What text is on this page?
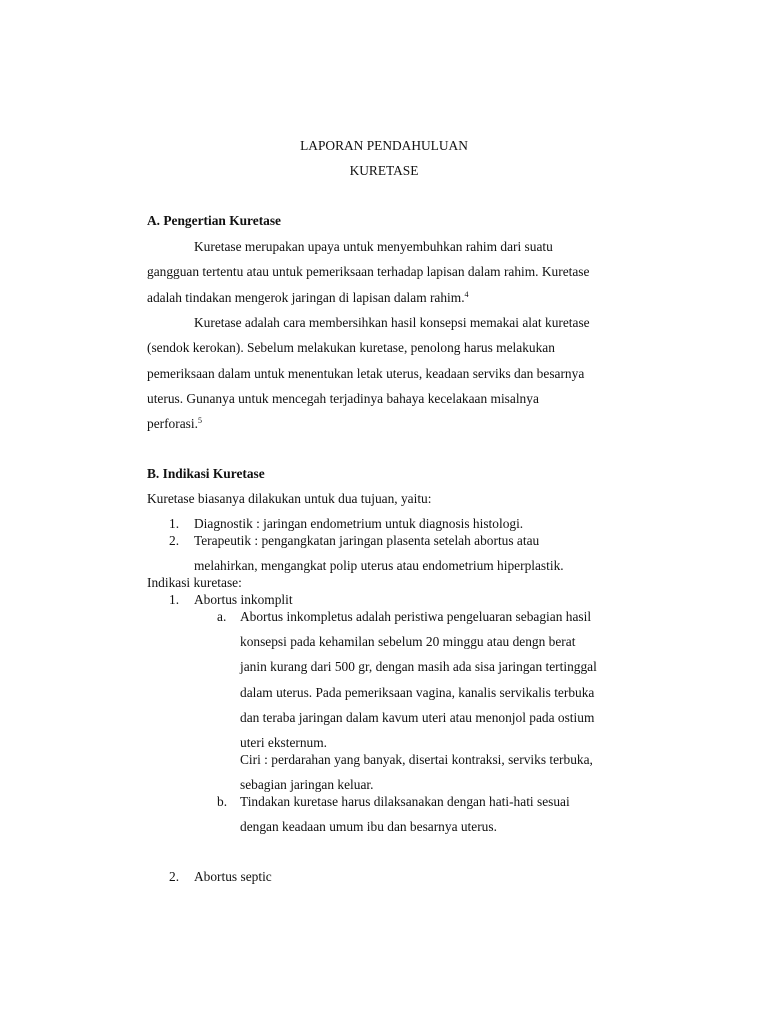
LAPORAN PENDAHULUAN
KURETASE
A. Pengertian Kuretase
Kuretase merupakan upaya untuk menyembuhkan rahim dari suatu
gangguan tertentu atau untuk pemeriksaan terhadap lapisan dalam rahim. Kuretase
adalah tindakan mengerok jaringan di lapisan dalam rahim.$^4$
Kuretase adalah cara membersihkan hasil konsepsi memakai alat kuretase
(sendok kerokan). Sebelum melakukan kuretase, penolong harus melakukan
pemeriksaan dalam untuk menentukan letak uterus, keadaan serviks dan besarnya
uterus. Gunanya untuk mencegah terjadinya bahaya kecelakaan misalnya
perforasi.$^5$
B. Indikasi Kuretase
Kuretase biasanya dilakukan untuk dua tujuan, yaitu:
1. Diagnostik : jaringan endometrium untuk diagnosis histologi.
2. Terapeutik : pengangkatan jaringan plasenta setelah abortus atau
melahirkan, mengangkat polip uterus atau endometrium hiperplastik.
Indikasi kuretase:
1. Abortus inkomplit
a. Abortus inkompletus adalah peristiwa pengeluaran sebagian hasil
konsepsi pada kehamilan sebelum 20 minggu atau dengn berat
janin kurang dari 500 gr, dengan masih ada sisa jaringan tertinggal
dalam uterus. Pada pemeriksaan vagina, kanalis servikalis terbuka
dan teraba jaringan dalam kavum uteri atau menonjol pada ostium
uteri eksternum.
Ciri : perdarahan yang banyak, disertai kontraksi, serviks terbuka,
sebagian jaringan keluar.
b. Tindakan kuretase harus dilaksanakan dengan hati-hati sesuai
dengan keadaan umum ibu dan besarnya uterus.
2. Abortus septic
